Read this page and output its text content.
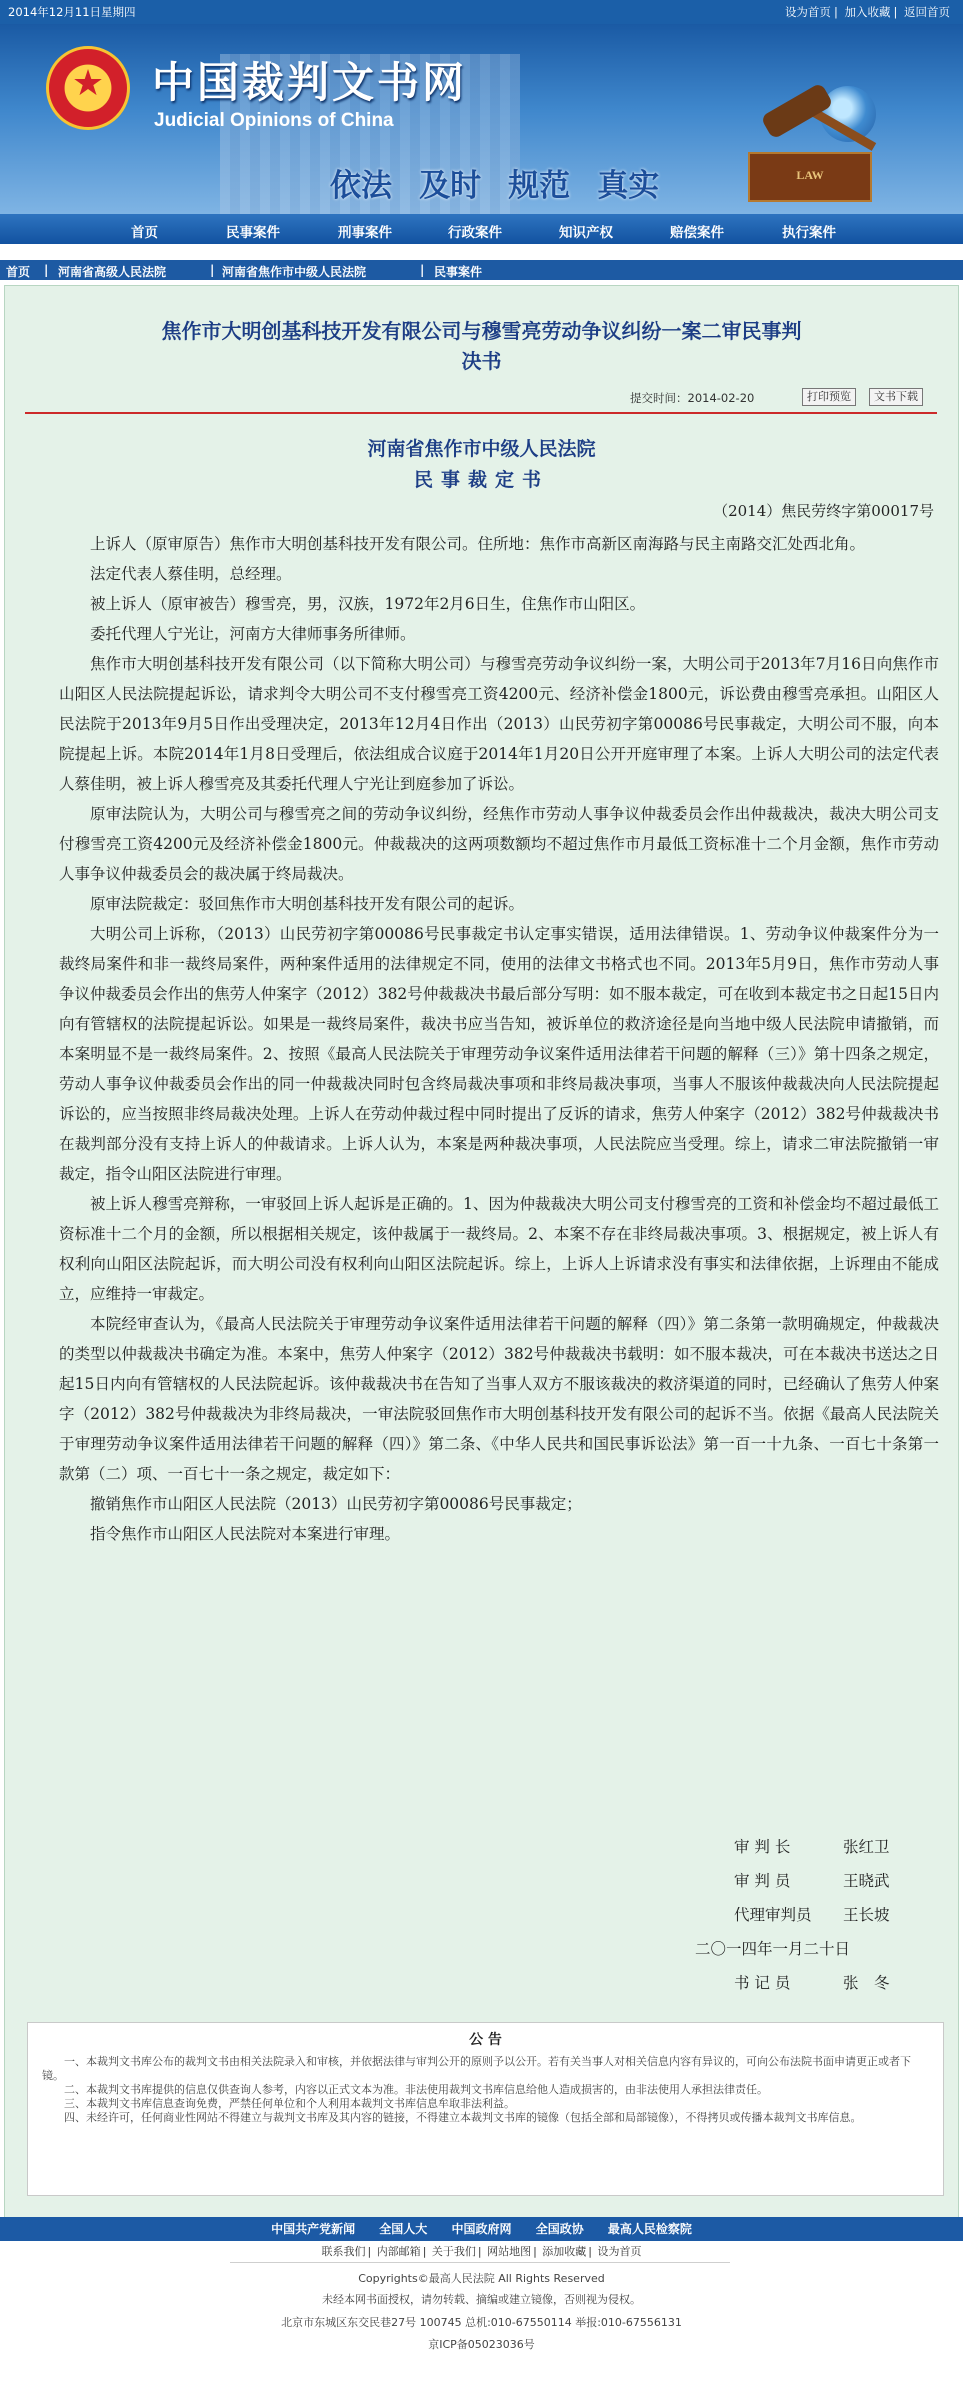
2014年12月11日星期四	设为首页 | 加入收藏 | 返回首页
★	中国裁判文书网
Judicial Opinions of China
依法 及时 规范 真实	LAW
首页	民事案件	刑事案件	行政案件	知识产权	赔偿案件	执行案件
首页 | 河南省高级人民法院	| 河南省焦作市中级人民法院	| 民事案件
焦作市大明创基科技开发有限公司与穆雪亮劳动争议纠纷一案二审民事判
决书
提交时间：2014-02-20	打印预览	文书下载
河南省焦作市中级人民法院
民事裁定书
（2014）焦民劳终字第00017号

上诉人（原审原告）焦作市大明创基科技开发有限公司。住所地：焦作市高新区南海路与民主南路交汇处西北角。

法定代表人蔡佳明，总经理。

被上诉人（原审被告）穆雪亮，男，汉族，1972年2月6日生，住焦作市山阳区。

委托代理人宁光让，河南方大律师事务所律师。

焦作市大明创基科技开发有限公司（以下简称大明公司）与穆雪亮劳动争议纠纷一案，大明公司于2013年7月16日向焦作市山阳区人民法院提起诉讼，请求判令大明公司不支付穆雪亮工资4200元、经济补偿金1800元，诉讼费由穆雪亮承担。山阳区人民法院于2013年9月5日作出受理决定，2013年12月4日作出（2013）山民劳初字第00086号民事裁定，大明公司不服，向本院提起上诉。本院2014年1月8日受理后，依法组成合议庭于2014年1月20日公开开庭审理了本案。上诉人大明公司的法定代表人蔡佳明，被上诉人穆雪亮及其委托代理人宁光让到庭参加了诉讼。

原审法院认为，大明公司与穆雪亮之间的劳动争议纠纷，经焦作市劳动人事争议仲裁委员会作出仲裁裁决，裁决大明公司支付穆雪亮工资4200元及经济补偿金1800元。仲裁裁决的这两项数额均不超过焦作市月最低工资标准十二个月金额，焦作市劳动人事争议仲裁委员会的裁决属于终局裁决。

原审法院裁定：驳回焦作市大明创基科技开发有限公司的起诉。

大明公司上诉称，（2013）山民劳初字第00086号民事裁定书认定事实错误，适用法律错误。1、劳动争议仲裁案件分为一裁终局案件和非一裁终局案件，两种案件适用的法律规定不同，使用的法律文书格式也不同。2013年5月9日，焦作市劳动人事争议仲裁委员会作出的焦劳人仲案字（2012）382号仲裁裁决书最后部分写明：如不服本裁定，可在收到本裁定书之日起15日内向有管辖权的法院提起诉讼。如果是一裁终局案件，裁决书应当告知，被诉单位的救济途径是向当地中级人民法院申请撤销，而本案明显不是一裁终局案件。2、按照《最高人民法院关于审理劳动争议案件适用法律若干问题的解释（三）》第十四条之规定，劳动人事争议仲裁委员会作出的同一仲裁裁决同时包含终局裁决事项和非终局裁决事项，当事人不服该仲裁裁决向人民法院提起诉讼的，应当按照非终局裁决处理。上诉人在劳动仲裁过程中同时提出了反诉的请求，焦劳人仲案字（2012）382号仲裁裁决书在裁判部分没有支持上诉人的仲裁请求。上诉人认为，本案是两种裁决事项，人民法院应当受理。综上，请求二审法院撤销一审裁定，指令山阳区法院进行审理。

被上诉人穆雪亮辩称，一审驳回上诉人起诉是正确的。1、因为仲裁裁决大明公司支付穆雪亮的工资和补偿金均不超过最低工资标准十二个月的金额，所以根据相关规定，该仲裁属于一裁终局。2、本案不存在非终局裁决事项。3、根据规定，被上诉人有权利向山阳区法院起诉，而大明公司没有权利向山阳区法院起诉。综上，上诉人上诉请求没有事实和法律依据，上诉理由不能成立，应维持一审裁定。

本院经审查认为，《最高人民法院关于审理劳动争议案件适用法律若干问题的解释（四）》第二条第一款明确规定，仲裁裁决的类型以仲裁裁决书确定为准。本案中，焦劳人仲案字（2012）382号仲裁裁决书载明：如不服本裁决，可在本裁决书送达之日起15日内向有管辖权的人民法院起诉。该仲裁裁决书在告知了当事人双方不服该裁决的救济渠道的同时，已经确认了焦劳人仲案字（2012）382号仲裁裁决为非终局裁决，一审法院驳回焦作市大明创基科技开发有限公司的起诉不当。依据《最高人民法院关于审理劳动争议案件适用法律若干问题的解释（四）》第二条、《中华人民共和国民事诉讼法》第一百一十九条、一百七十条第一款第（二）项、一百七十一条之规定，裁定如下：

撤销焦作市山阳区人民法院（2013）山民劳初字第00086号民事裁定；

指令焦作市山阳区人民法院对本案进行审理。

审 判 长	张红卫
审 判 员	王晓武
代理审判员 王长坡
二〇一四年一月二十日
书 记 员	张　冬
公 告

一、本裁判文书库公布的裁判文书由相关法院录入和审核，并依据法律与审判公开的原则予以公开。若有关当事人对相关信息内容有异议的，可向公布法院书面申请更正或者下镜。

二、本裁判文书库提供的信息仅供查询人参考，内容以正式文本为准。非法使用裁判文书库信息给他人造成损害的，由非法使用人承担法律责任。

三、本裁判文书库信息查询免费，严禁任何单位和个人利用本裁判文书库信息牟取非法利益。

四、未经许可，任何商业性网站不得建立与裁判文书库及其内容的链接，不得建立本裁判文书库的镜像（包括全部和局部镜像），不得拷贝或传播本裁判文书库信息。

中国共产党新闻 全国人大 中国政府网 全国政协 最高人民检察院
联系我们 | 内部邮箱 | 关于我们 | 网站地图 | 添加收藏 | 设为首页
Copyrights©最高人民法院 All Rights Reserved
未经本网书面授权，请勿转载、摘编或建立镜像，否则视为侵权。
北京市东城区东交民巷27号 100745 总机:010-67550114 举报:010-67556131
京ICP备05023036号
